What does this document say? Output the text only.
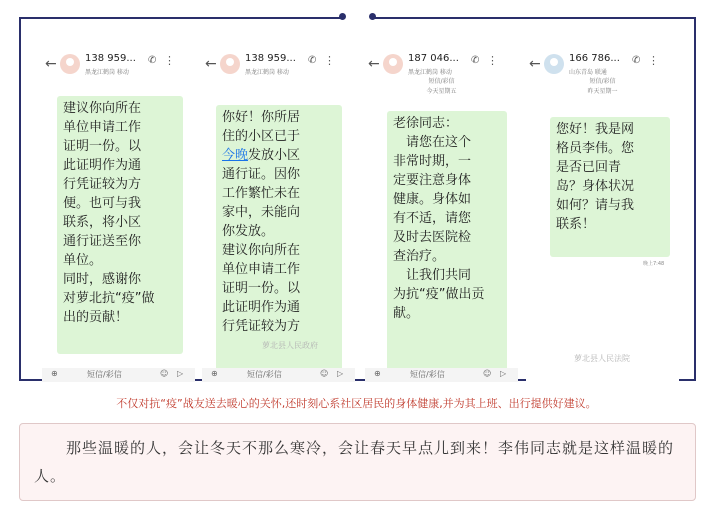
←	138 959...
黑龙江鹤岗 移动
✆ ⋮

建议你向所在

单位申请工作

证明一份。以

此证明作为通

行凭证较为方

便。也可与我

联系，将小区

通行证送至你

单位。

同时，感谢你

对萝北抗“疫”做

出的贡献！

⊕	短信/彩信	☺ ▷
←	138 959...
黑龙江鹤岗 移动
✆ ⋮

你好！你所居

住的小区已于

今晚发放小区

通行证。因你

工作繁忙未在

家中，未能向

你发放。

建议你向所在

单位申请工作

证明一份。以

此证明作为通

行凭证较为方

萝北县人民政府
⊕	短信/彩信	☺ ▷
←	187 046...
黑龙江鹤岗 移动
✆ ⋮
短信/彩信
今天星期五

老徐同志：

　请您在这个

非常时期，一

定要注意身体

健康。身体如

有不适，请您

及时去医院检

查治疗。

　让我们共同

为抗“疫”做出贡

献。

⊕	短信/彩信	☺ ▷
←	166 786...
山东青岛 联通
✆ ⋮
短信/彩信
昨天星期一

您好！我是网

格员李伟。您

是否已回青

岛？身体状况

如何？请与我

联系！

晚上7:48
萝北县人民法院
不仅对抗“疫”战友送去暖心的关怀,还时刻心系社区居民的身体健康,并为其上班、出行提供好建议。

那些温暖的人，会让冬天不那么寒冷，会让春天早点儿到来！李伟同志就是这样温暖的人。
